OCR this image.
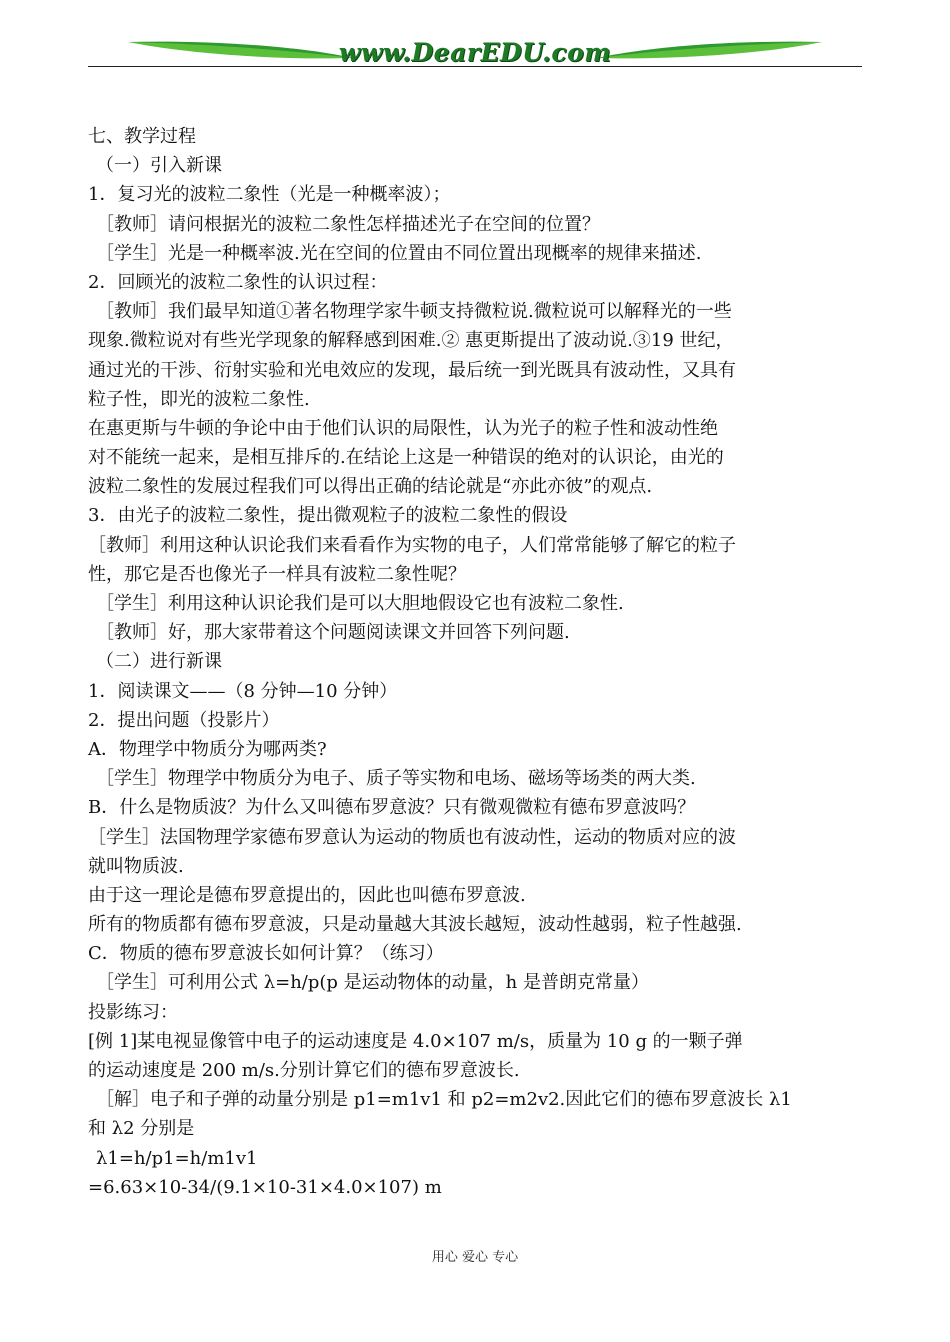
www.DearEDU.com
七、教学过程
（一）引入新课
1．复习光的波粒二象性（光是一种概率波）；
［教师］请问根据光的波粒二象性怎样描述光子在空间的位置？
［学生］光是一种概率波.光在空间的位置由不同位置出现概率的规律来描述.
2．回顾光的波粒二象性的认识过程：
［教师］我们最早知道①著名物理学家牛顿支持微粒说.微粒说可以解释光的一些
现象.微粒说对有些光学现象的解释感到困难.② 惠更斯提出了波动说.③19 世纪，
通过光的干涉、衍射实验和光电效应的发现，最后统一到光既具有波动性，又具有
粒子性，即光的波粒二象性.
在惠更斯与牛顿的争论中由于他们认识的局限性，认为光子的粒子性和波动性绝
对不能统一起来，是相互排斥的.在结论上这是一种错误的绝对的认识论，由光的
波粒二象性的发展过程我们可以得出正确的结论就是“亦此亦彼”的观点.
3．由光子的波粒二象性，提出微观粒子的波粒二象性的假设
［教师］利用这种认识论我们来看看作为实物的电子，人们常常能够了解它的粒子
性，那它是否也像光子一样具有波粒二象性呢？
［学生］利用这种认识论我们是可以大胆地假设它也有波粒二象性.
［教师］好，那大家带着这个问题阅读课文并回答下列问题.
（二）进行新课
1．阅读课文——（8 分钟—10 分钟）
2．提出问题（投影片）
A．物理学中物质分为哪两类?
［学生］物理学中物质分为电子、质子等实物和电场、磁场等场类的两大类.
B．什么是物质波？为什么又叫德布罗意波？只有微观微粒有德布罗意波吗？
［学生］法国物理学家德布罗意认为运动的物质也有波动性，运动的物质对应的波
就叫物质波.
由于这一理论是德布罗意提出的，因此也叫德布罗意波.
所有的物质都有德布罗意波，只是动量越大其波长越短，波动性越弱，粒子性越强.
C．物质的德布罗意波长如何计算？（练习）
［学生］可利用公式 λ=h/p(p 是运动物体的动量，h 是普朗克常量）
投影练习：
[例 1]某电视显像管中电子的运动速度是 4.0×107 m/s，质量为 10 g 的一颗子弹
的运动速度是 200 m/s.分别计算它们的德布罗意波长.
［解］电子和子弹的动量分别是 p1=m1v1 和 p2=m2v2.因此它们的德布罗意波长 λ1
和 λ2 分别是
λ1=h/p1=h/m1v1
=6.63×10-34/(9.1×10-31×4.0×107) m
用心 爱心 专心
